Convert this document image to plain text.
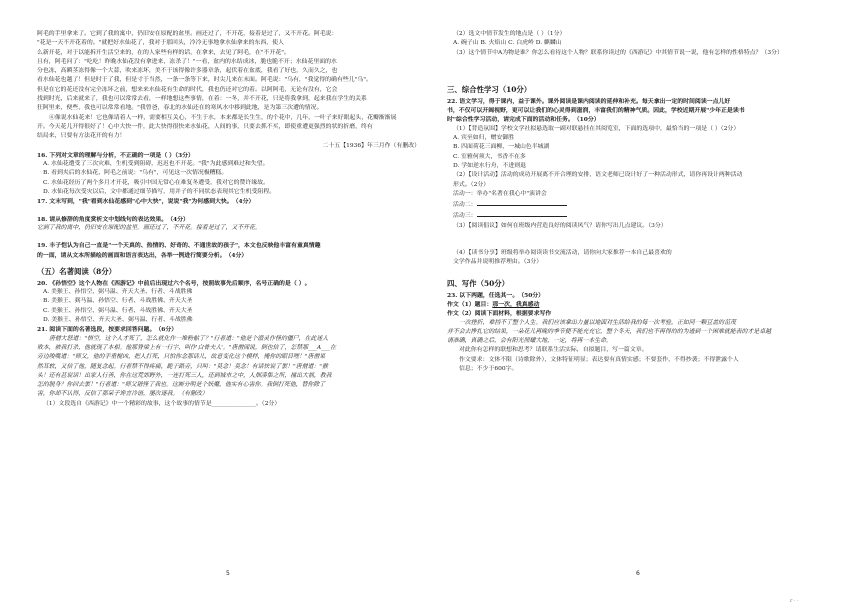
阿毛的手里拿来了。它到了我的寓中，仍旧安在原配的盆里。画还过了，不开花，接着是过了，又不开花。阿毛说：

"花是一天不开花着的。"就把好水仙花了，我对于那回头，冷冷无事地拿水仙拿来的东西，使人

么新开花，对于以能拆开生活空来的，在的人家些有样的话，在拿来，去见了阿毛，在"不开花"。

且有，阿毛问了："吃吃！昨晚水仙花没有拿进来，冻杀了！"一看，盆内的水结成冰，脆也脆不开；水仙花里面的水

分也冻，高瞬茎冻得像一个大蒜，吹来冻坏，美不于该得像许多器章条，起伏着在盆底，我看了好也，久而久之，也

看水仙花也越了！但是时于了我，但是寸于当然，一条一条等下来，时尖儿来在末面。阿毛说："乌有，"我觉得的确有些儿"乌"。

但是在它的花还没有完全冻坏之前，想来来水仙花有生命的时代，我也仍还对它的着。以阿阿毛，无论有没有，它会

找到时光，后来就来了，我也可以常常去看，一样地想这些事情，在着：一冬，并不开花，只是将我拿到，起来我在学生的关系

狂阿里来，便些，我也可以常常看地。"我曾爸，春北的水仙还在的寒风水中移到此地，是为第三次遭的情况。

⑥像说水仙花来！它也像请着人一样，需要相互关心，不生于水，本来都是长生生，的个花中，几年，一叶子来好眼起头，花瓣渐渐展

开。今天花儿开得很好了！心中大快一件，此大快得很快来水仙花，人间的事，只要去抓不买，即使重遭更强烈的状的折磨，终有

结局来，只要有方法花开的有力！

二十五【1936】年三月作（有删改）

16. 下列对文章的理解与分析，不正确的一项是（ ）（3分）

A. 水仙花遭受了三次灾难，生机受到阻碍，迟迟也不开花。"我"为此感到难过和失望。

B. 看到夹后的水仙花，阿毛之前说："乌有"，可见这一次情况极糟糕。

C. 水仙花经历了两个多月才开花，吸引中国无常心在难复冬遭受，我对它的赞许缘故。

D. 水仙花每次受灾以后，文中都通过细节描写，用并子的不同状态表现其它生机受阻程。

17. 文末写到，"我"看到水仙花感到"心中大快"，说说"我"为何感到大快。（4分）

18. 请从修辞的角度赏析文中划线句的表达效果。（4分）

它到了我的寓中，仍旧安在原配的盆里。画还过了，不开花。接着是过了，又不开花。

19. 丰子恺认为自己一直是"一个天真的、热情的、好奇的、不通世故的孩子"，本文也反映他丰富有童真情趣

的一面，请从文本所描绘的画面和语言表达出，各举一例进行简要分析。（4分）

（五）名著阅读（8分）

20. 《孙悟空》这个人物在《西游记》中前后出现过六个名号，按照故事先后顺序，名号正确的是（ ）。

A. 美猴王、孙悟空、弼马温、齐天大圣、行者、斗战胜佛

B. 美猴王、弼马温、孙悟空、行者、斗战胜佛、齐天大圣

C. 美猴王、孙悟空、弼马温、行者、斗战胜佛、齐天大圣

D. 美猴王、孙悟空、齐天大圣、弼马温、行者、斗战胜佛

21. 阅读下面的名著选段，按要求回答问题。（6分）

唐僧大怒道："悟空，这个人才死了，怎么就化作一堆粉骷了？"行者道："他是个潜灵作怪的僵尸，在此迷人

败本，被我打杀，他就现了本相。他那脊梁上有一行字，叫作'白骨夫人'。"唐僧闻说，倒也信了，怎禁那___A___在

旁边唆嘴道："师父，他的手重棍凶，把人打死，只怕你念那话儿，故意变化这个模样，掩你的眼目哩！"唐僧果

然耳软，又信了他，随复念起。行者禁不得疼痛，跪于路旁，只叫："莫念！莫念！有话快说了罢！"唐僧道："猴

头！还有甚说话！出家人行善，你在这荒郊野外，一连打死三人，还到城市之中，人烟凑集之所，撞出大祸，教我

怎的脱身？你回去罢！"行者道："师父错怪了我也。这厮分明是个妖魔，他实有心害你。我倒打死他，替你除了

害，你却不认得，反信了那呆子谗言冷语，屡次逐我。（有删改）

（1）文段选自《西游记》中一个精彩的故事，这个故事的情节是_______________。（2分）

（2）选文中情节发生的地点是（ ）（1分）

A. 碗子山 B. 火焰山 C. 白虎岭 D. 麒麟山

（3）这个情节中A为物是谁？你怎么看待这个人物？联系你读过的《西游记》中其情节说一说，他有怎样的性格特点？（3分）

三、综合性学习（10分）

22. 语文学习，得于课内，益于课外。课外阅读是课内阅读的延伸和补充。每天拿出一定的时间阅读一点儿好

书，不仅可以开阔视野，更可以让我们的心灵得到滋润，丰富我们的精神气质。因此，学校近期开展"少年正是读书

时"综合性学习活动，请完成下面的活动和任务。（10分）

（1）【背造氛围】学校文学社拟悬选取一副对联悬挂在其阅览室，下面的选项中，最恰当的一项是（ ）（2分）

A. 宾至如归，赠安御胜

B. 四面荷花三面柳，一城山色半城湖

C. 室雅何须大，书香不在多

D. 学如逆水行舟，不进则退

（2）【设计活动】活动的成功开展离不开合理的安排，语文老师已设计好了一种活动形式，请你再设计两种活动

形式。（2分）

活动一：举办"名著在我心中"演讲会

活动二：

活动三：

（3）【阅读倡议】如何在班级内营造良好的阅读风气？请你写出几点建议。（3分）

（4）【读书分享】班级将举办阅读读书交流活动，请你向大家推荐一本自己最喜欢的

文学作品并说明推荐理由。（3分）

四、写作（50分）

23. 以下两题，任选其一。（50分）

作文（1）题目：那一次，我真感动

作文（2）阅读下面材料，根据要求写作

一次挫折，难挡不了整个人生。我们应该拿出力量以地面对生活给我的每一次考验，正如同一颗豆盖的茁茂

并不会去挣扎它的结果，一朵花儿再晚的季节便不能充充它，整个冬天，我们也不再得的的为透到一个困难就能表的才是卓越

请准确，真确之后，会有阳光照耀大地，一定，将再一本生命。

对此你有怎样的联想和思考？请联系生活实际，自拟题目，写一篇文章。

作文要求：文体不限（诗歌除外），文体特征明显；表达要有真情实感；不要套作，不得抄袭；不得泄露个人

信息；不少于600字。

5	6
r · ·
